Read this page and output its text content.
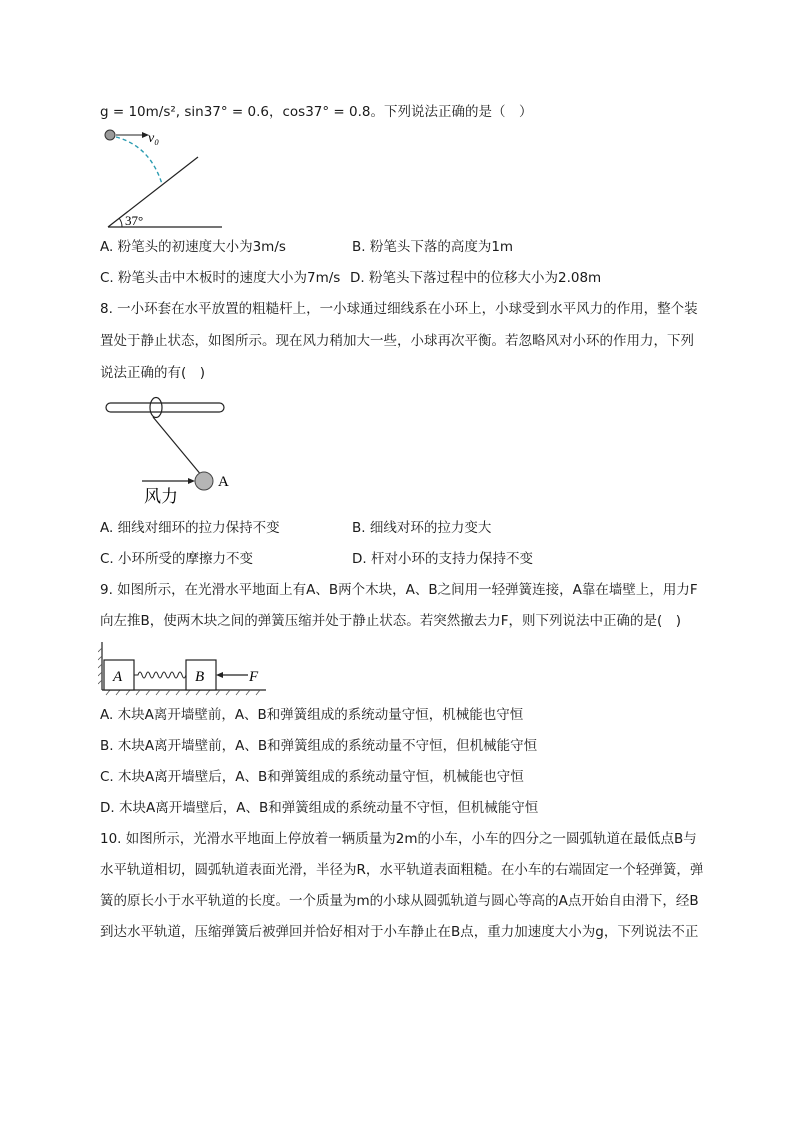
g = 10m/s², sin37° = 0.6，cos37° = 0.8。下列说法正确的是（　）
v₀
37°
A. 粉笔头的初速度大小为3m/s	B. 粉笔头下落的高度为1m
C. 粉笔头击中木板时的速度大小为7m/s D. 粉笔头下落过程中的位移大小为2.08m
8. 一小环套在水平放置的粗糙杆上，一小球通过细线系在小环上，小球受到水平风力的作用，整个装
置处于静止状态，如图所示。现在风力稍加大一些，小球再次平衡。若忽略风对小环的作用力，下列
说法正确的有(　)
A
风力
A. 细线对细环的拉力保持不变	B. 细线对环的拉力变大
C. 小环所受的摩擦力不变	D. 杆对小环的支持力保持不变
9. 如图所示，在光滑水平地面上有A、B两个木块，A、B之间用一轻弹簧连接，A靠在墙壁上，用力F
向左推B，使两木块之间的弹簧压缩并处于静止状态。若突然撤去力F，则下列说法中正确的是(　)
A	B	F
A. 木块A离开墙壁前，A、B和弹簧组成的系统动量守恒，机械能也守恒
B. 木块A离开墙壁前，A、B和弹簧组成的系统动量不守恒，但机械能守恒
C. 木块A离开墙壁后，A、B和弹簧组成的系统动量守恒，机械能也守恒
D. 木块A离开墙壁后，A、B和弹簧组成的系统动量不守恒，但机械能守恒
10. 如图所示，光滑水平地面上停放着一辆质量为2m的小车，小车的四分之一圆弧轨道在最低点B与
水平轨道相切，圆弧轨道表面光滑，半径为R，水平轨道表面粗糙。在小车的右端固定一个轻弹簧，弹
簧的原长小于水平轨道的长度。一个质量为m的小球从圆弧轨道与圆心等高的A点开始自由滑下，经B
到达水平轨道，压缩弹簧后被弹回并恰好相对于小车静止在B点，重力加速度大小为g，下列说法不正
